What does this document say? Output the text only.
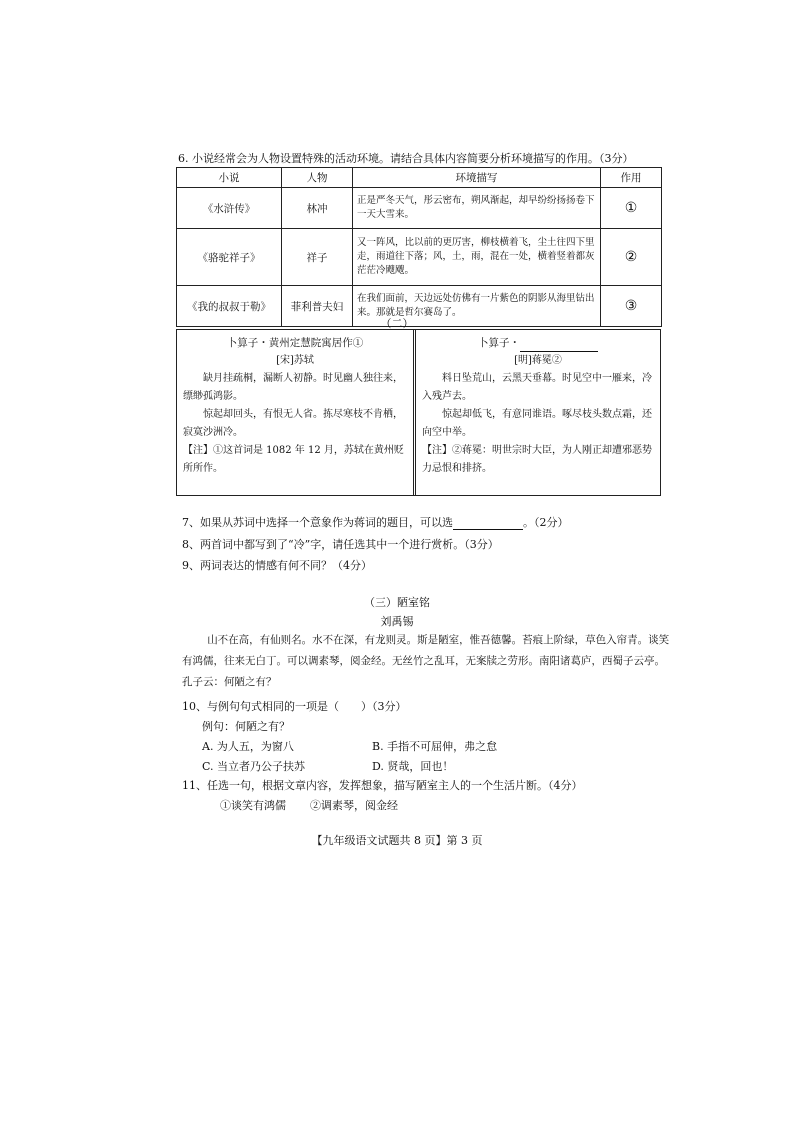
6. 小说经常会为人物设置特殊的活动环境。请结合具体内容简要分析环境描写的作用。（3分）
小说	人物	环境描写	作用
《水浒传》	林冲	正是严冬天气，彤云密布，朔风渐起，却早纷纷扬扬卷下一天大雪来。	①
《骆驼祥子》	祥子	又一阵风，比以前的更厉害，柳枝横着飞，尘土往四下里走，雨道往下落；风，土，雨，混在一处，横着竖着都灰茫茫冷飕飕。	②
《我的叔叔于勒》	菲利普夫妇	在我们面前，天边远处仿佛有一片紫色的阴影从海里钻出来。那就是哲尔赛岛了。	③
（二）
卜算子・黄州定慧院寓居作①
[宋]苏轼

缺月挂疏桐，漏断人初静。时见幽人独往来，缥缈孤鸿影。

惊起却回头，有恨无人省。拣尽寒枝不肯栖，寂寞沙洲冷。

【注】①这首词是 1082 年 12 月，苏轼在黄州贬所所作。

卜算子・
[明]蒋冕②

料日坠荒山，云黑天垂幕。时见空中一雁来，冷入残芦去。

惊起却低飞，有意同谁语。啄尽枝头数点霜，还向空中举。

【注】②蒋冕：明世宗时大臣，为人刚正却遭邪恶势力忌恨和排挤。

7、如果从苏词中选择一个意象作为蒋词的题目，可以选	。（2分）
8、两首词中都写到了“冷”字，请任选其中一个进行赏析。（3分）
9、两词表达的情感有何不同？（4分）
（三）陋室铭
刘禹锡
山不在高，有仙则名。水不在深，有龙则灵。斯是陋室，惟吾德馨。苔痕上阶绿，草色入帘青。谈笑有鸿儒，往来无白丁。可以调素琴，阅金经。无丝竹之乱耳，无案牍之劳形。南阳诸葛庐，西蜀子云亭。孔子云：何陋之有？
10、与例句句式相同的一项是（　　）（3分）
例句：何陋之有？
A. 为人五，为窗八	B. 手指不可屈伸，弗之怠
C. 当立者乃公子扶苏	D. 贤哉，回也！
11、任选一句，根据文章内容，发挥想象，描写陋室主人的一个生活片断。（4分）
①谈笑有鸿儒 ②调素琴，阅金经
【九年级语文试题共 8 页】第 3 页
